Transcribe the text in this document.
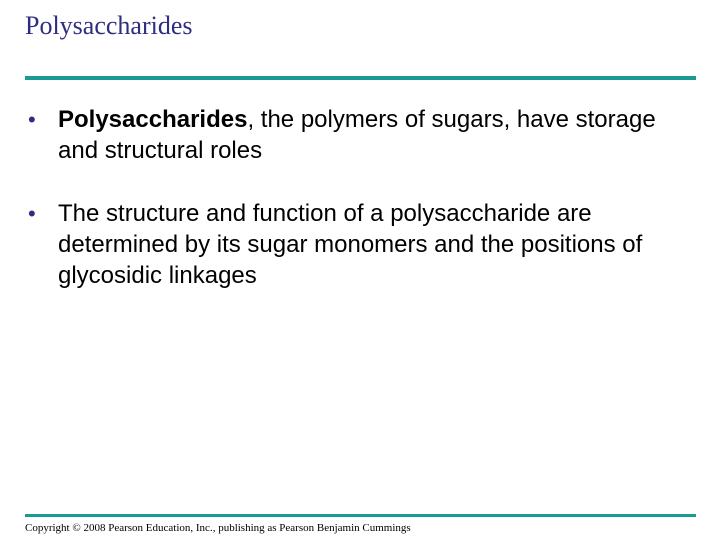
Polysaccharides
• Polysaccharides, the polymers of sugars, have storage and structural roles
• The structure and function of a polysaccharide are determined by its sugar monomers and the positions of glycosidic linkages
Copyright © 2008 Pearson Education, Inc., publishing as Pearson Benjamin Cummings
